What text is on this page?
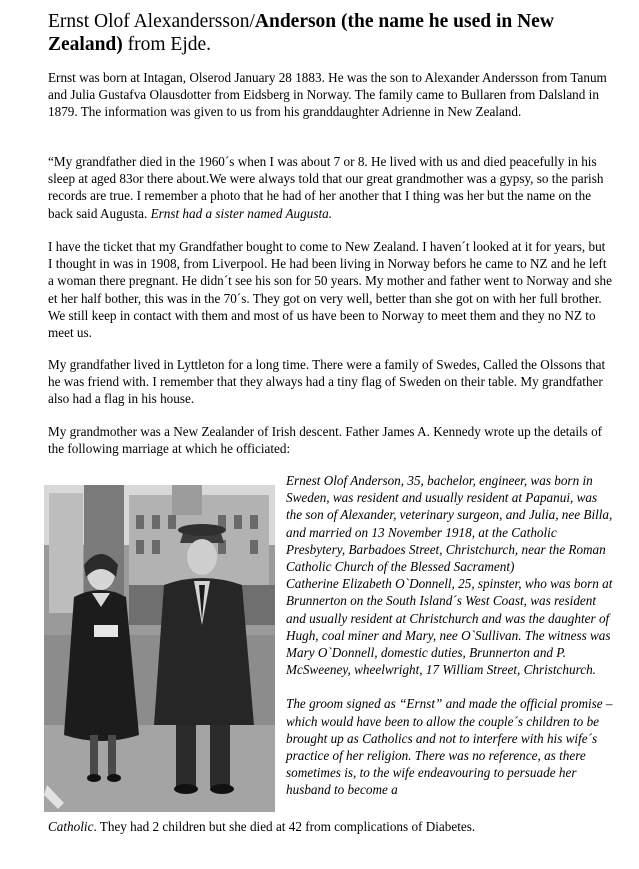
Ernst Olof Alexandersson/Anderson (the name he used in New Zealand) from Ejde.

Ernst was born at Intagan, Olserod January 28 1883. He was the son to Alexander Andersson from Tanum and Julia Gustafva Olausdotter from Eidsberg in Norway. The family came to Bullaren from Dalsland in 1879. The information was given to us from his granddaughter Adrienne in New Zealand.

“My grandfather died in the 1960´s when I was about 7 or 8. He lived with us and died peacefully in his sleep at aged 83or there about.We were always told that our great grandmother was a gypsy, so the parish records are true. I remember a photo that he had of her another that I thing was her but the name on the back said Augusta. Ernst had a sister named Augusta.

I have the ticket that my Grandfather bought to come to New Zealand. I haven´t looked at it for years, but I thought in was in 1908, from Liverpool. He had been living in Norway befors he came to NZ and he left a woman there pregnant. He didn´t see his son for 50 years. My mother and father went to Norway and she et her half bother, this was in the 70´s. They got on very well, better than she got on with her full brother. We still keep in contact with them and most of us have been to Norway to meet them and they no NZ to meet us.

My grandfather lived in Lyttleton for a long time. There were a family of Swedes, Called the Olssons that he was friend with. I remember that they always had a tiny flag of Sweden on their table. My grandfather also had a flag in his house.

My grandmother was a New Zealander of Irish descent. Father James A. Kennedy wrote up the details of the following marriage at which he officiated:

Ernest Olof Anderson, 35, bachelor, engineer, was born in Sweden, was resident and usually resident at Papanui, was the son of Alexander, veterinary surgeon, and Julia, nee Billa, and married on 13 November 1918, at the Catholic Presbytery, Barbadoes Street, Christchurch, near the Roman Catholic Church of the Blessed Sacrament)

Catherine Elizabeth O`Donnell, 25, spinster, who was born at Brunnerton on the South Island´s West Coast, was resident and usually resident at Christchurch and was the daughter of Hugh, coal miner and Mary, nee O`Sullivan. The witness was Mary O`Donnell, domestic duties, Brunnerton and P. McSweeney, wheelwright, 17 William Street, Christchurch.

The groom signed as “Ernst” and made the official promise – which would have been to allow the couple´s children to be brought up as Catholics and not to interfere with his wife´s practice of her religion. There was no reference, as there sometimes is, to the wife endeavouring to persuade her husband to become a

Catholic. They had 2 children but she died at 42 from complications of Diabetes.
